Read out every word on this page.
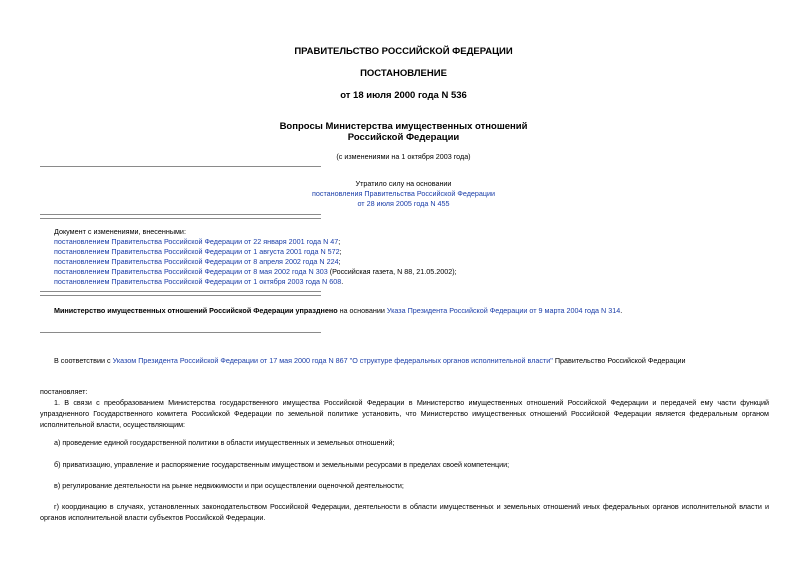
ПРАВИТЕЛЬСТВО РОССИЙСКОЙ ФЕДЕРАЦИИ
ПОСТАНОВЛЕНИЕ
от 18 июля 2000 года N 536
Вопросы Министерства имущественных отношений
Российской Федерации
(с изменениями на 1 октября 2003 года)
Утратило силу на основании
постановления Правительства Российской Федерации
от 28 июля 2005 года N 455
Документ с изменениями, внесенными:
постановлением Правительства Российской Федерации от 22 января 2001 года N 47;
постановлением Правительства Российской Федерации от 1 августа 2001 года N 572;
постановлением Правительства Российской Федерации от 8 апреля 2002 года N 224;
постановлением Правительства Российской Федерации от 8 мая 2002 года N 303 (Российская газета, N 88, 21.05.2002);
постановлением Правительства Российской Федерации от 1 октября 2003 года N 608.
Министерство имущественных отношений Российской Федерации упразднено на основании Указа Президента Российской Федерации от 9 марта 2004 года N 314.
В соответствии с Указом Президента Российской Федерации от 17 мая 2000 года N 867 "О структуре федеральных органов исполнительной власти" Правительство Российской Федерации
постановляет:
1. В связи с преобразованием Министерства государственного имущества Российской Федерации в Министерство имущественных отношений Российской Федерации и передачей ему части функций упраздненного Государственного комитета Российской Федерации по земельной политике установить, что Министерство имущественных отношений Российской Федерации является федеральным органом исполнительной власти, осуществляющим:
а) проведение единой государственной политики в области имущественных и земельных отношений;
б) приватизацию, управление и распоряжение государственным имуществом и земельными ресурсами в пределах своей компетенции;
в) регулирование деятельности на рынке недвижимости и при осуществлении оценочной деятельности;
г) координацию в случаях, установленных законодательством Российской Федерации, деятельности в области имущественных и земельных отношений иных федеральных органов исполнительной власти и органов исполнительной власти субъектов Российской Федерации.
